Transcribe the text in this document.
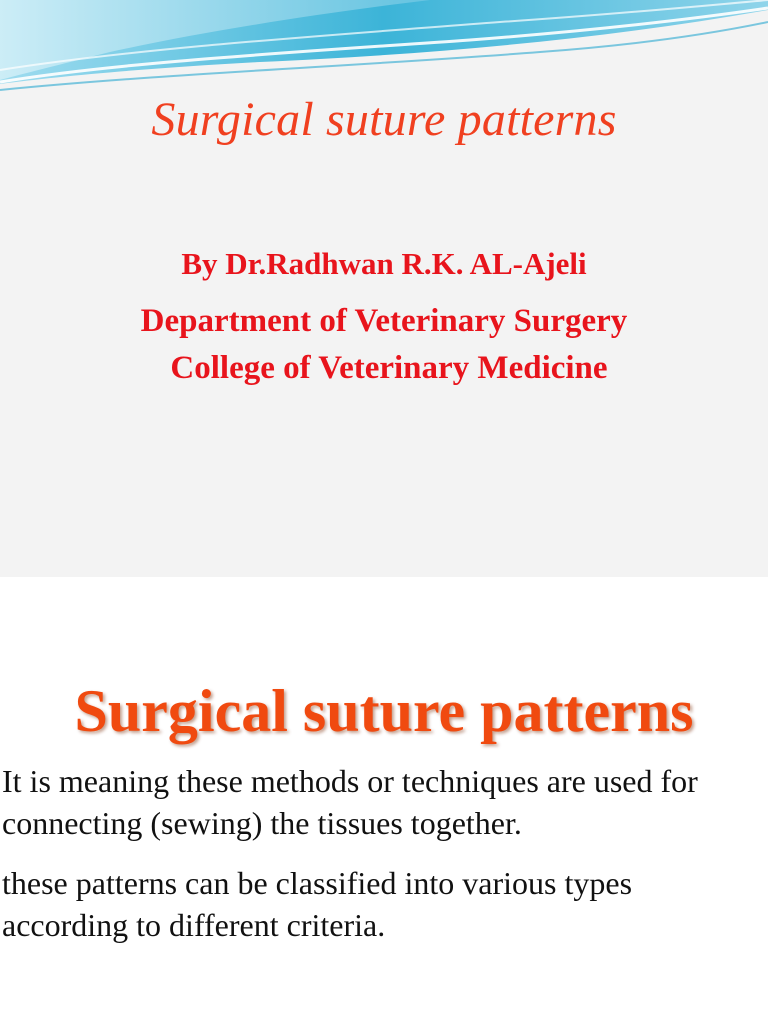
Surgical suture patterns
By Dr.Radhwan R.K. AL-Ajeli
Department of Veterinary Surgery
College of Veterinary Medicine
Surgical suture patterns

It is meaning these methods or techniques are used for connecting (sewing) the tissues together.

these patterns can be classified into various types according to different criteria.
